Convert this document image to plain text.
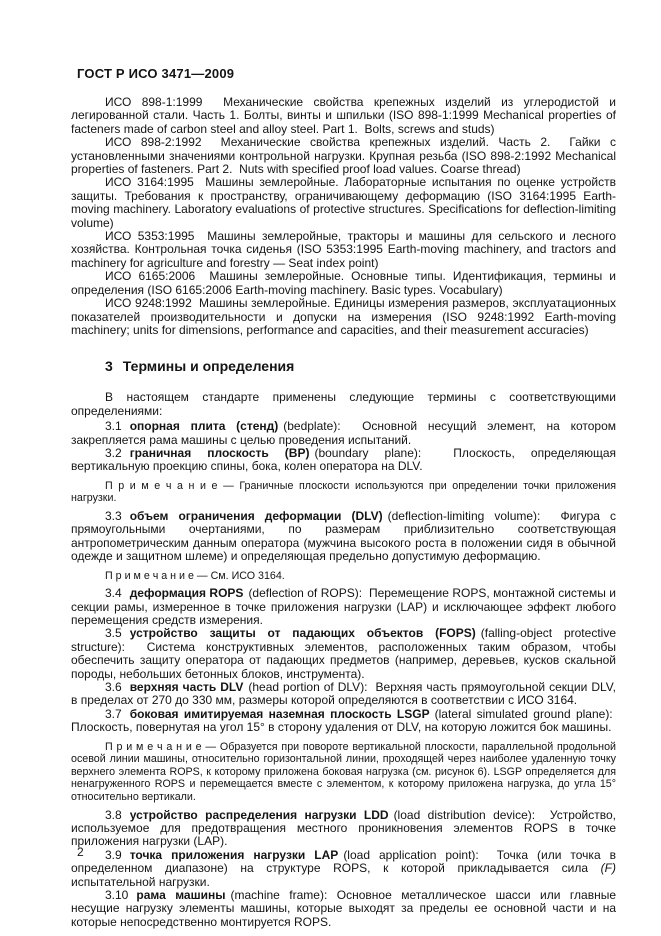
ГОСТ Р ИСО 3471—2009

ИСО 898-1:1999  Механические свойства крепежных изделий из углеродистой и легированной стали. Часть 1. Болты, винты и шпильки (ISO 898-1:1999 Mechanical properties of facteners made of carbon steel and alloy steel. Part 1.  Bolts, screws and studs)

ИСО 898-2:1992  Механические свойства крепежных изделий. Часть 2.  Гайки с установленными значениями контрольной нагрузки. Крупная резьба (ISO 898-2:1992 Mechanical properties of fasteners. Part 2.  Nuts with specified proof load values. Coarse thread)

ИСО 3164:1995  Машины землеройные. Лабораторные испытания по оценке устройств защиты. Требования к пространству, ограничивающему деформацию (ISO 3164:1995 Earth-moving machinery. Laboratory evaluations of protective structures. Specifications for deflection-limiting volume)

ИСО 5353:1995  Машины землеройные, тракторы и машины для сельского и лесного хозяйства. Контрольная точка сиденья (ISO 5353:1995 Earth-moving machinery, and tractors and machinery for agriculture and forestry — Seat index point)

ИСО 6165:2006  Машины землеройные. Основные типы. Идентификация, термины и определения (ISO 6165:2006 Earth-moving machinery. Basic types. Vocabulary)

ИСО 9248:1992  Машины землеройные. Единицы измерения размеров, эксплуатационных показателей производительности и допуски на измерения (ISO 9248:1992 Earth-moving machinery; units for dimensions, performance and capacities, and their measurement accuracies)

3 Термины и определения

В настоящем стандарте применены следующие термины с соответствующими определениями:

3.1 опорная плита (стенд) (bedplate):  Основной несущий элемент, на котором закрепляется рама машины с целью проведения испытаний.

3.2 граничная плоскость (BP) (boundary plane):  Плоскость, определяющая вертикальную проекцию спины, бока, колен оператора на DLV.

П р и м е ч а н и е — Граничные плоскости используются при определении точки приложения нагрузки.

3.3 объем ограничения деформации (DLV) (deflection-limiting volume):  Фигура с прямоугольными очертаниями, по размерам приблизительно соответствующая антропометрическим данным оператора (мужчина высокого роста в положении сидя в обычной одежде и защитном шлеме) и определяющая предельно допустимую деформацию.

П р и м е ч а н и е — См. ИСО 3164.

3.4 деформация ROPS (deflection of ROPS):  Перемещение ROPS, монтажной системы и секции рамы, измеренное в точке приложения нагрузки (LAP) и исключающее эффект любого перемещения средств измерения.

3.5 устройство защиты от падающих объектов (FOPS) (falling-object protective structure):  Система конструктивных элементов, расположенных таким образом, чтобы обеспечить защиту оператора от падающих предметов (например, деревьев, кусков скальной породы, небольших бетонных блоков, инструмента).

3.6 верхняя часть DLV (head portion of DLV):  Верхняя часть прямоугольной секции DLV, в пределах от 270 до 330 мм, размеры которой определяются в соответствии с ИСО 3164.

3.7 боковая имитируемая наземная плоскость LSGP (lateral simulated ground plane):  Плоскость, повернутая на угол 15° в сторону удаления от DLV, на которую ложится бок машины.

П р и м е ч а н и е — Образуется при повороте вертикальной плоскости, параллельной продольной осевой линии машины, относительно горизонтальной линии, проходящей через наиболее удаленную точку верхнего элемента ROPS, к которому приложена боковая нагрузка (см. рисунок 6). LSGP определяется для ненагруженного ROPS и перемещается вместе с элементом, к которому приложена нагрузка, до угла 15° относительно вертикали.

3.8 устройство распределения нагрузки LDD (load distribution device):  Устройство, используемое для предотвращения местного проникновения элементов ROPS в точке приложения нагрузки (LAP).

3.9 точка приложения нагрузки LAP (load application point):  Точка (или точка в определенном диапазоне) на структуре ROPS, к которой прикладывается сила (F) испытательной нагрузки.

3.10 рама машины (machine frame): Основное металлическое шасси или главные несущие нагрузку элементы машины, которые выходят за пределы ее основной части и на которые непосредственно монтируется ROPS.

2
